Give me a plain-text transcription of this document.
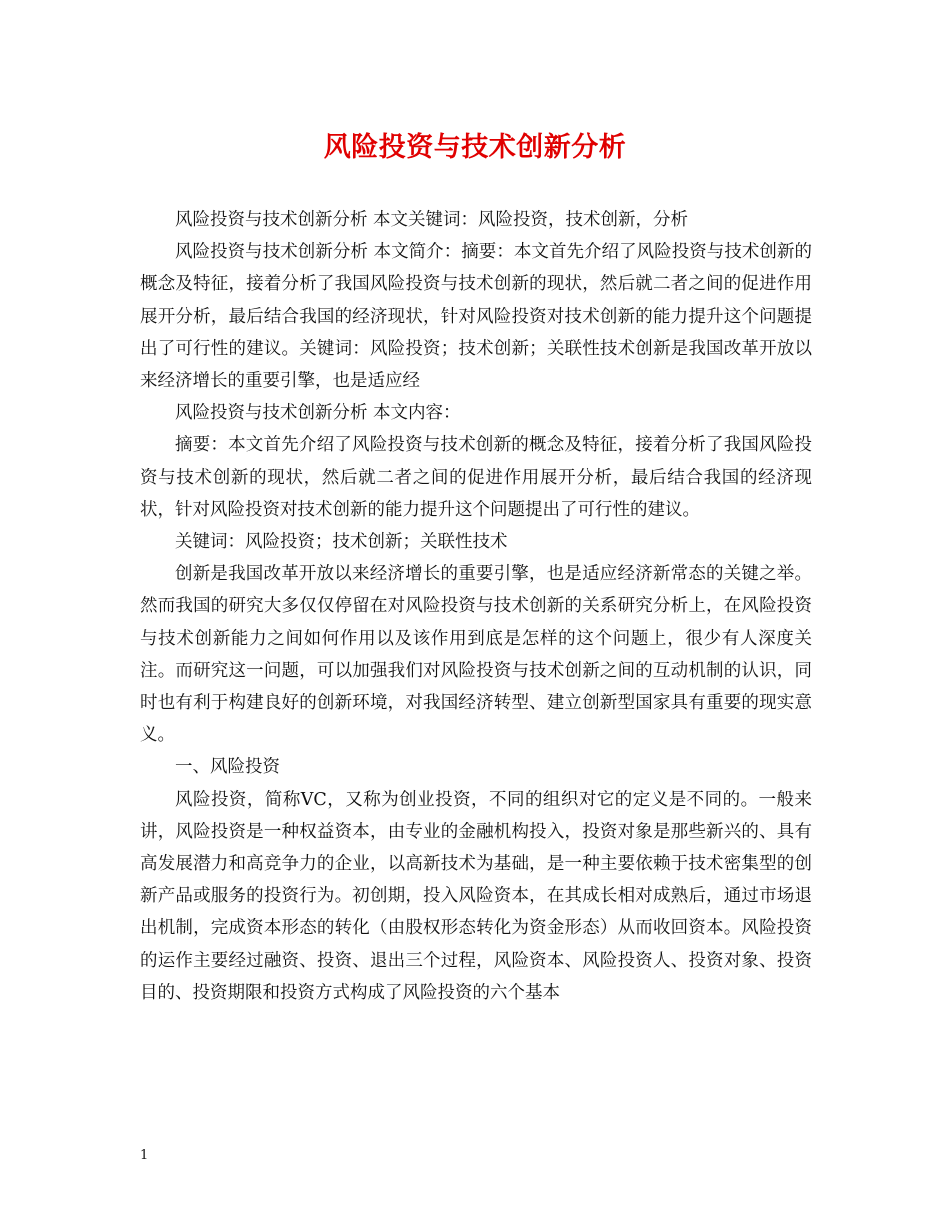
风险投资与技术创新分析

风险投资与技术创新分析 本文关键词：风险投资，技术创新，分析

风险投资与技术创新分析 本文简介：摘要：本文首先介绍了风险投资与技术创新的概念及特征，接着分析了我国风险投资与技术创新的现状，然后就二者之间的促进作用展开分析，最后结合我国的经济现状，针对风险投资对技术创新的能力提升这个问题提出了可行性的建议。关键词：风险投资；技术创新；关联性技术创新是我国改革开放以来经济增长的重要引擎，也是适应经

风险投资与技术创新分析 本文内容：

摘要：本文首先介绍了风险投资与技术创新的概念及特征，接着分析了我国风险投资与技术创新的现状，然后就二者之间的促进作用展开分析，最后结合我国的经济现状，针对风险投资对技术创新的能力提升这个问题提出了可行性的建议。

关键词：风险投资；技术创新；关联性技术

创新是我国改革开放以来经济增长的重要引擎，也是适应经济新常态的关键之举。然而我国的研究大多仅仅停留在对风险投资与技术创新的关系研究分析上，在风险投资与技术创新能力之间如何作用以及该作用到底是怎样的这个问题上，很少有人深度关注。而研究这一问题，可以加强我们对风险投资与技术创新之间的互动机制的认识，同时也有利于构建良好的创新环境，对我国经济转型、建立创新型国家具有重要的现实意义。

一、风险投资

风险投资，简称VC，又称为创业投资，不同的组织对它的定义是不同的。一般来讲，风险投资是一种权益资本，由专业的金融机构投入，投资对象是那些新兴的、具有高发展潜力和高竞争力的企业，以高新技术为基础，是一种主要依赖于技术密集型的创新产品或服务的投资行为。初创期，投入风险资本，在其成长相对成熟后，通过市场退出机制，完成资本形态的转化（由股权形态转化为资金形态）从而收回资本。风险投资的运作主要经过融资、投资、退出三个过程，风险资本、风险投资人、投资对象、投资目的、投资期限和投资方式构成了风险投资的六个基本

1
